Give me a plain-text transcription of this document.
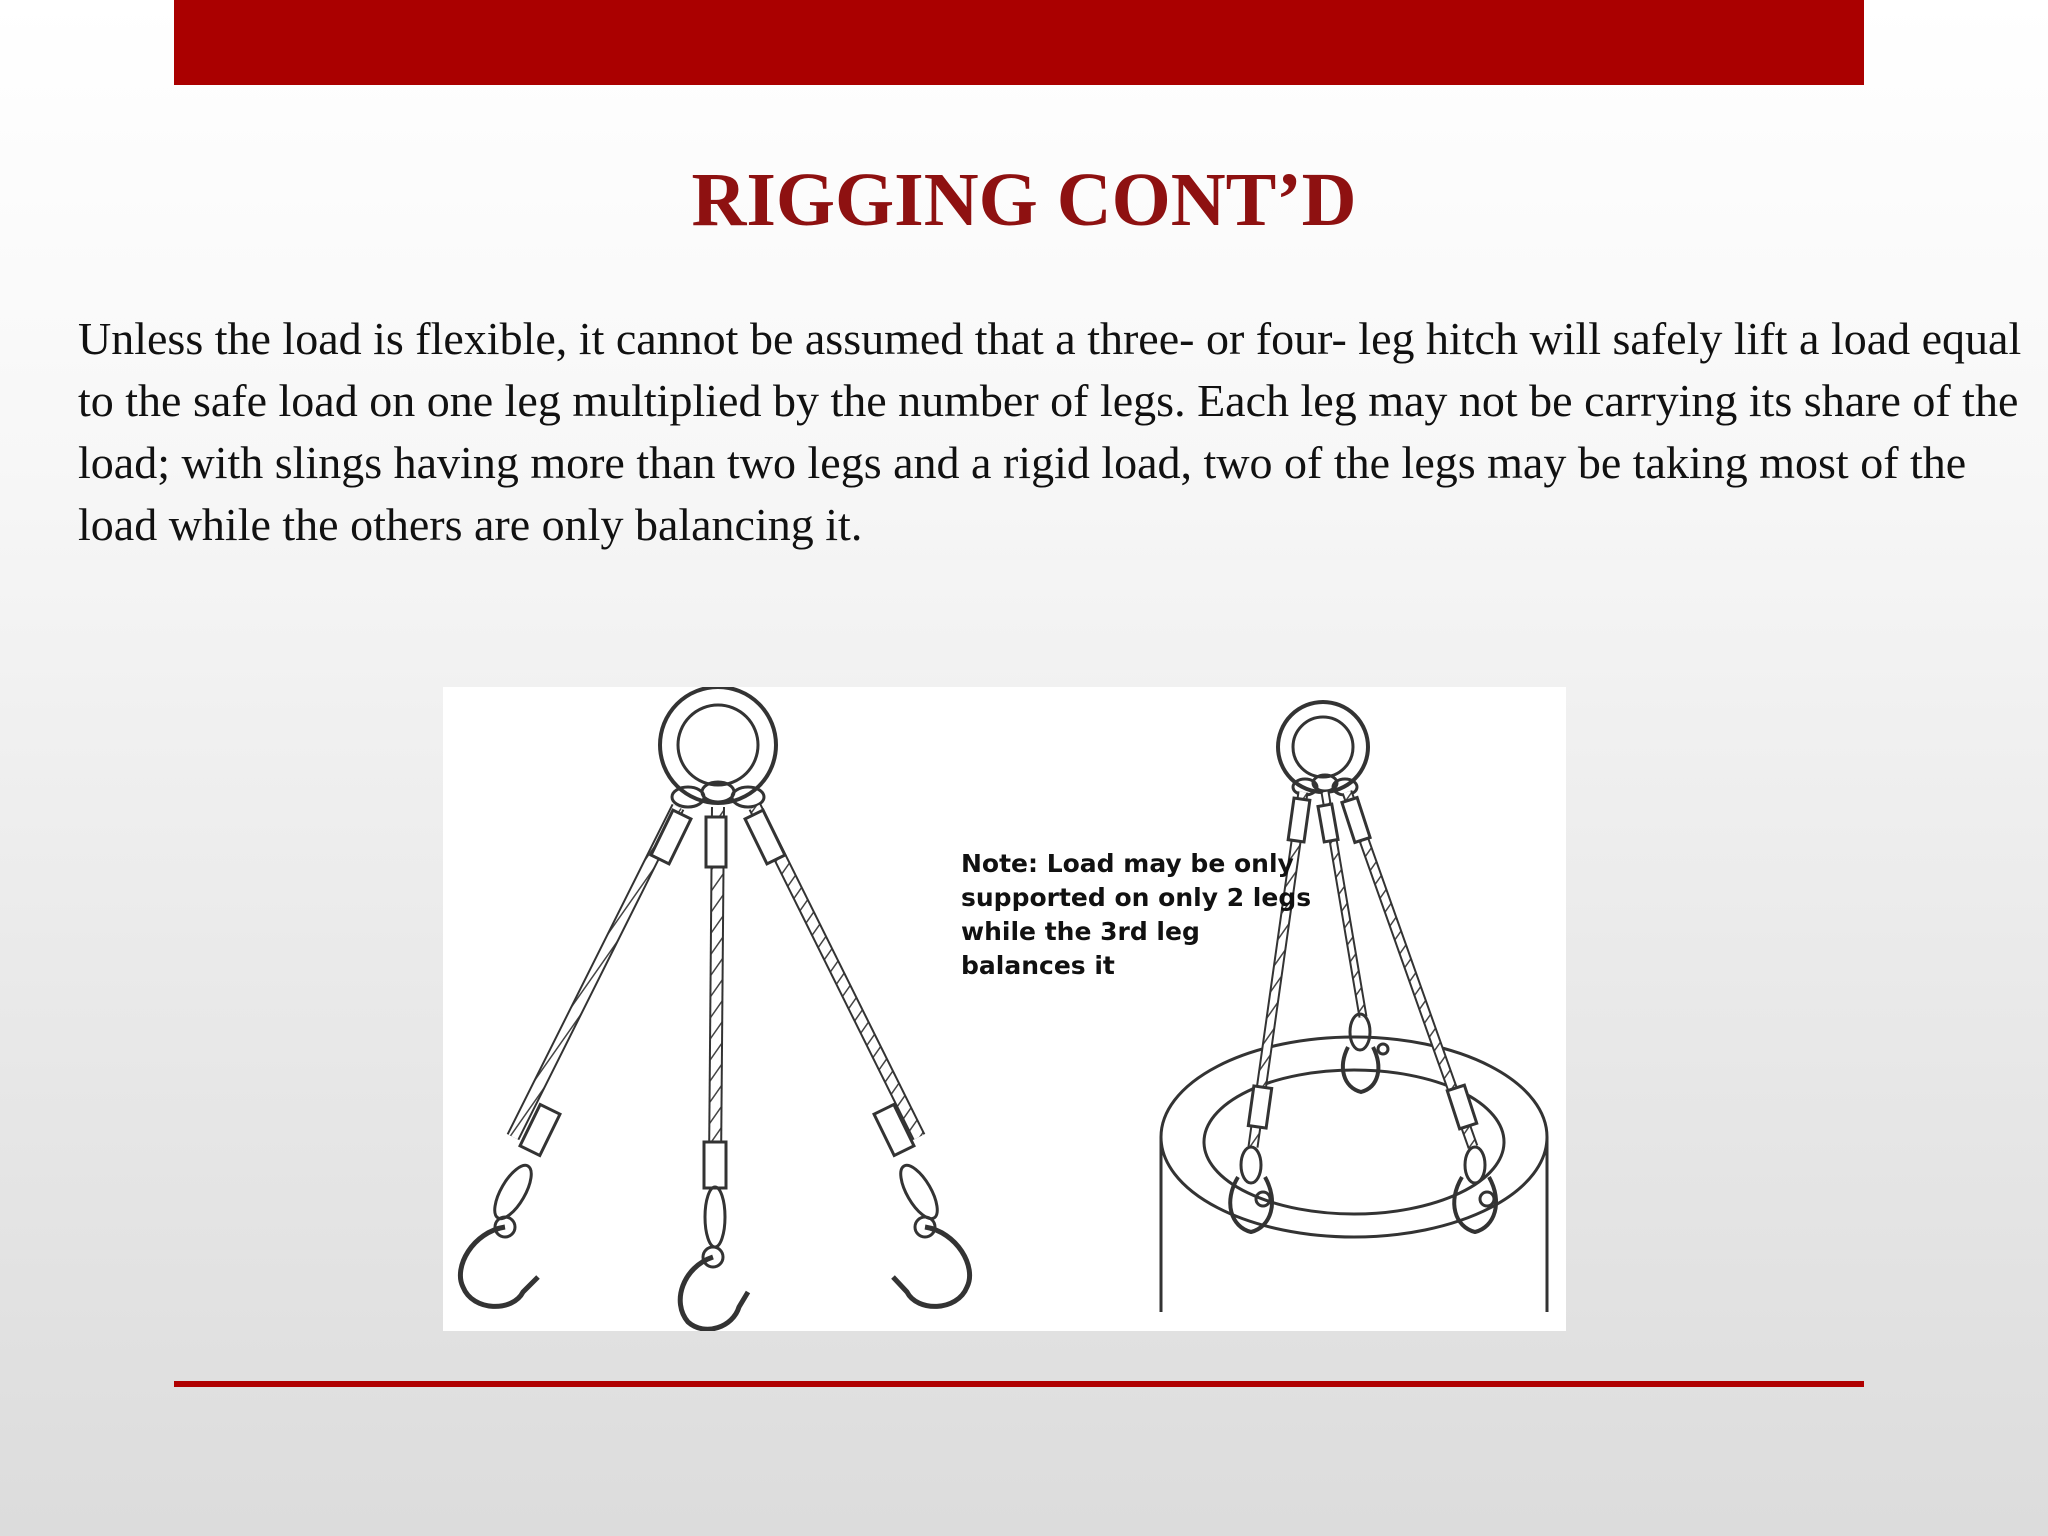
RIGGING CONT’D

Unless the load is flexible, it cannot be assumed that a three- or four- leg hitch will safely lift a load equal to the safe load on one leg multiplied by the number of legs. Each leg may not be carrying its share of the load; with slings having more than two legs and a rigid load, two of the legs may be taking most of the load while the others are only balancing it.

Note: Load may be only
supported on only 2 legs
while the 3rd leg
balances it
